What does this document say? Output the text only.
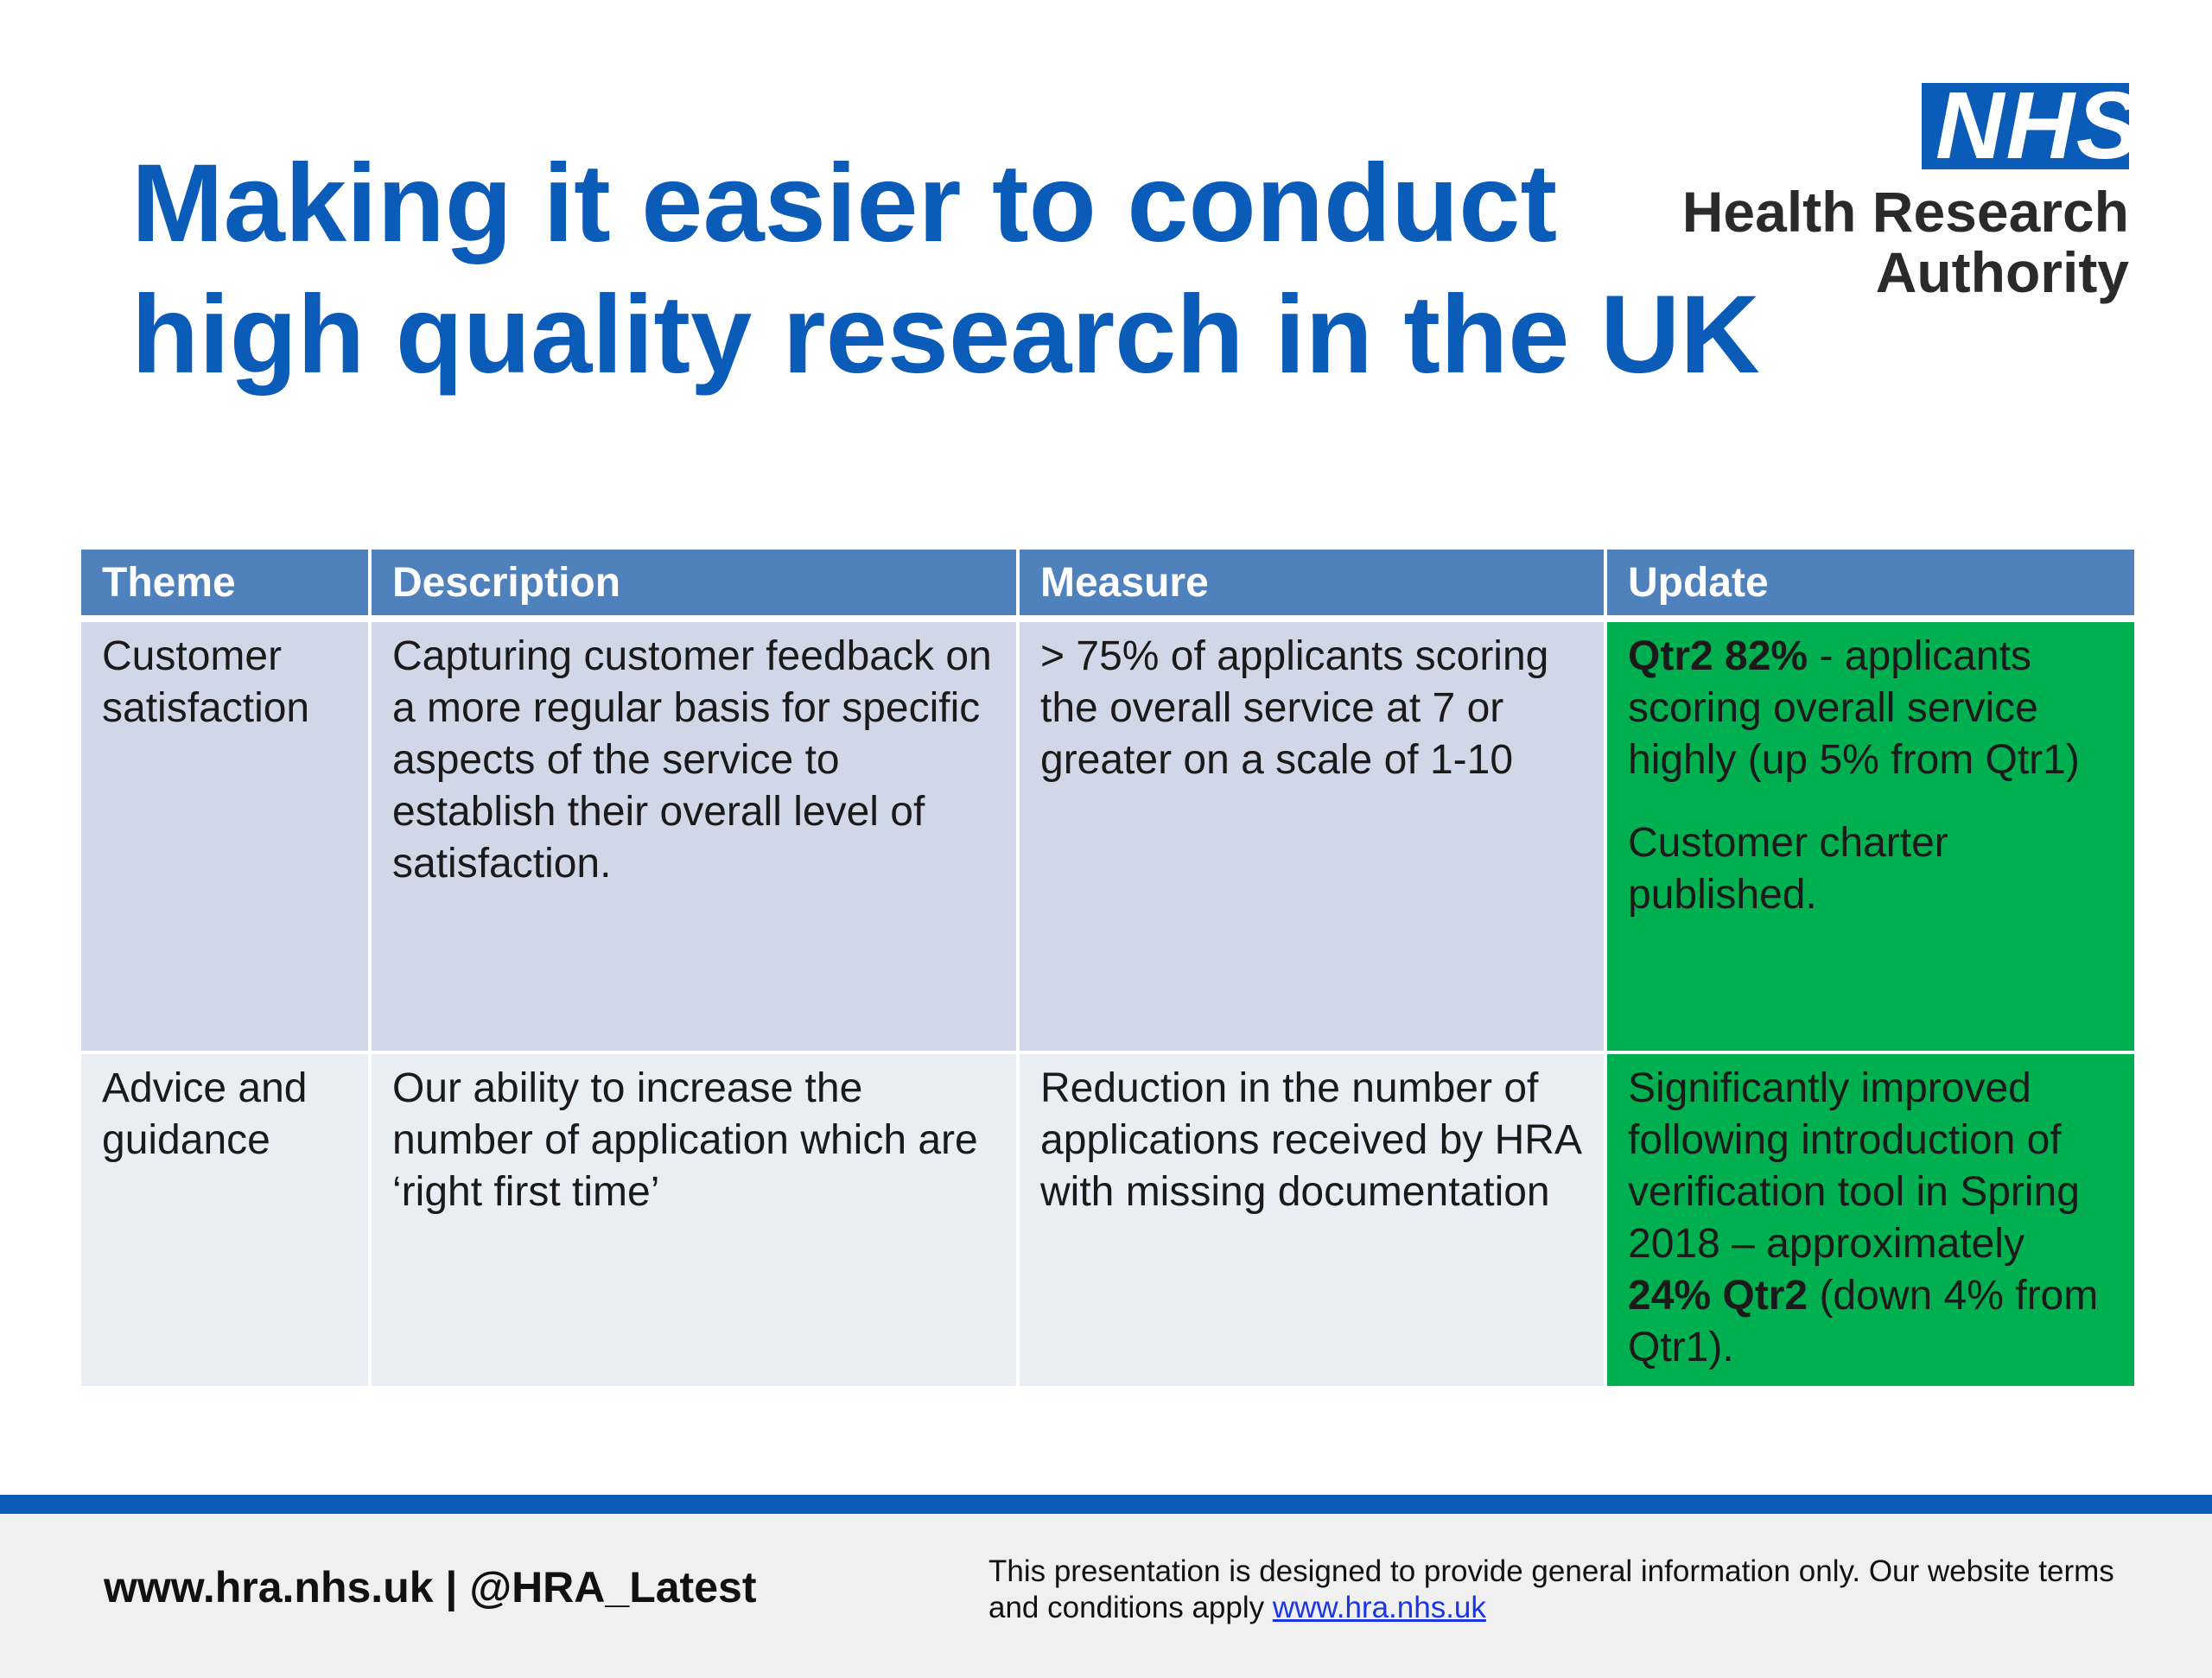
Making it easier to conduct
high quality research in the UK
NHS
Health Research
Authority
Theme	Description	Measure	Update
Customer satisfaction	Capturing customer feedback on a more regular basis for specific aspects of the service to establish their overall level of satisfaction.	> 75% of applicants scoring the overall service at 7 or greater on a scale of 1-10	Qtr2 82% - applicants scoring overall service highly (up 5% from Qtr1)
Customer charter published.

Advice and guidance	Our ability to increase the number of application which are ‘right first time’	Reduction in the number of applications received by HRA with missing documentation	Significantly improved following introduction of verification tool in Spring 2018 – approximately 24% Qtr2 (down 4% from Qtr1).
www.hra.nhs.uk | @HRA_Latest	This presentation is designed to provide general information only. Our website terms and conditions apply www.hra.nhs.uk
